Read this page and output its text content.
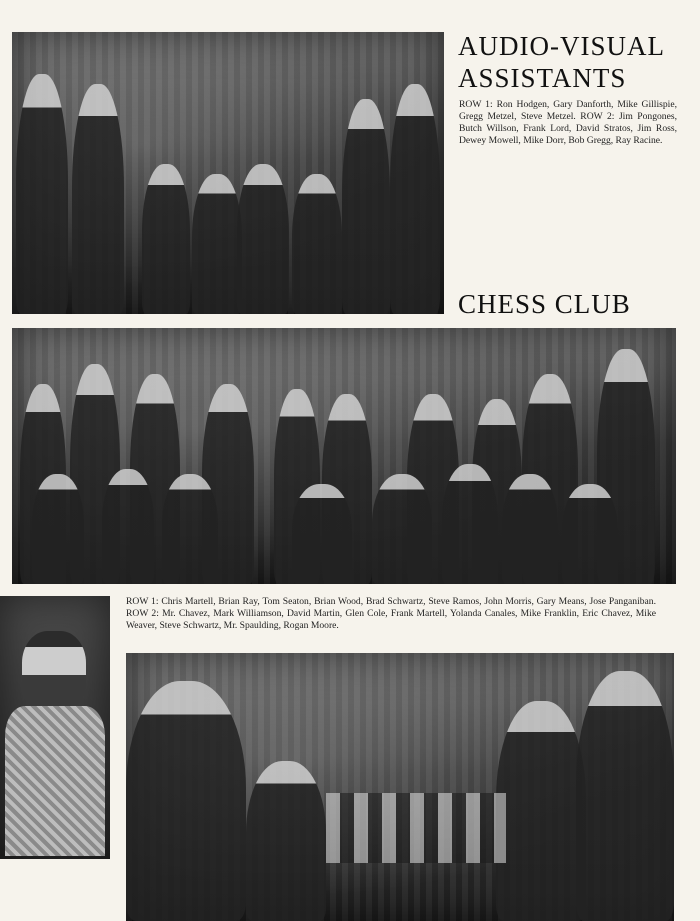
AUDIO-VISUAL
ASSISTANTS

ROW 1: Ron Hodgen, Gary Danforth, Mike Gillispie, Gregg Metzel, Steve Metzel. ROW 2: Jim Pongones, Butch Willson, Frank Lord, David Stratos, Jim Ross, Dewey Mowell, Mike Dorr, Bob Gregg, Ray Racine.

CHESS CLUB

ROW 1: Chris Martell, Brian Ray, Tom Seaton, Brian Wood, Brad Schwartz, Steve Ramos, John Morris, Gary Means, Jose Panganiban. ROW 2: Mr. Chavez, Mark Williamson, David Martin, Glen Cole, Frank Martell, Yolanda Canales, Mike Franklin, Eric Chavez, Mike Weaver, Steve Schwartz, Mr. Spaulding, Rogan Moore.
